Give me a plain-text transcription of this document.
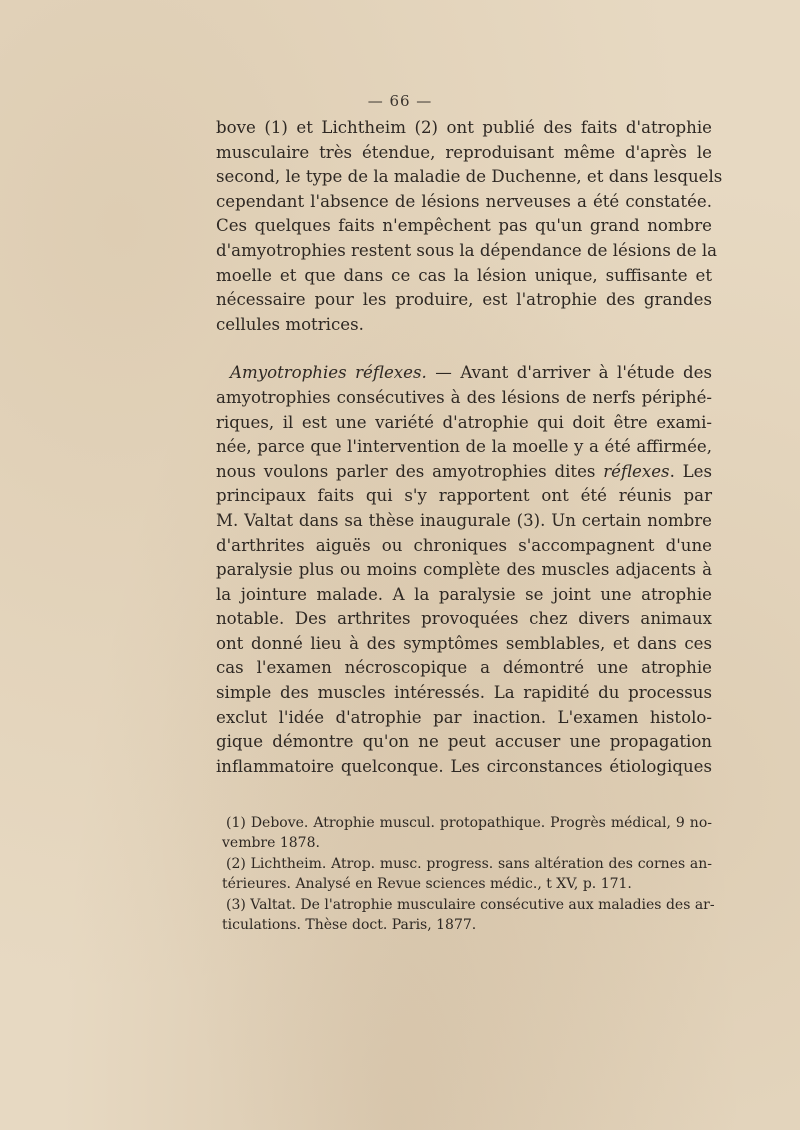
— 66 —

bove (1) et Lichtheim (2) ont publié des faits d'atrophie
musculaire très étendue, reproduisant même d'après le
second, le type de la maladie de Duchenne, et dans lesquels
cependant l'absence de lésions nerveuses a été constatée.
Ces quelques faits n'empêchent pas qu'un grand nombre
d'amyotrophies restent sous la dépendance de lésions de la
moelle et que dans ce cas la lésion unique, suffisante et
nécessaire pour les produire, est l'atrophie des grandes
cellules motrices.

Amyotrophies réflexes. — Avant d'arriver à l'étude des
amyotrophies consécutives à des lésions de nerfs périphé-
riques, il est une variété d'atrophie qui doit être exami-
née, parce que l'intervention de la moelle y a été affirmée,
nous voulons parler des amyotrophies dites réflexes. Les
principaux faits qui s'y rapportent ont été réunis par
M. Valtat dans sa thèse inaugurale (3). Un certain nombre
d'arthrites aiguës ou chroniques s'accompagnent d'une
paralysie plus ou moins complète des muscles adjacents à
la jointure malade. A la paralysie se joint une atrophie
notable. Des arthrites provoquées chez divers animaux
ont donné lieu à des symptômes semblables, et dans ces
cas l'examen nécroscopique a démontré une atrophie
simple des muscles intéressés. La rapidité du processus
exclut l'idée d'atrophie par inaction. L'examen histolo-
gique démontre qu'on ne peut accuser une propagation
inflammatoire quelconque. Les circonstances étiologiques

(1) Debove. Atrophie muscul. protopathique. Progrès médical, 9 no-
vembre 1878.
(2) Lichtheim. Atrop. musc. progress. sans altération des cornes an-
térieures. Analysé en Revue sciences médic., t XV, p. 171.
(3) Valtat. De l'atrophie musculaire consécutive aux maladies des ar-
ticulations. Thèse doct. Paris, 1877.
